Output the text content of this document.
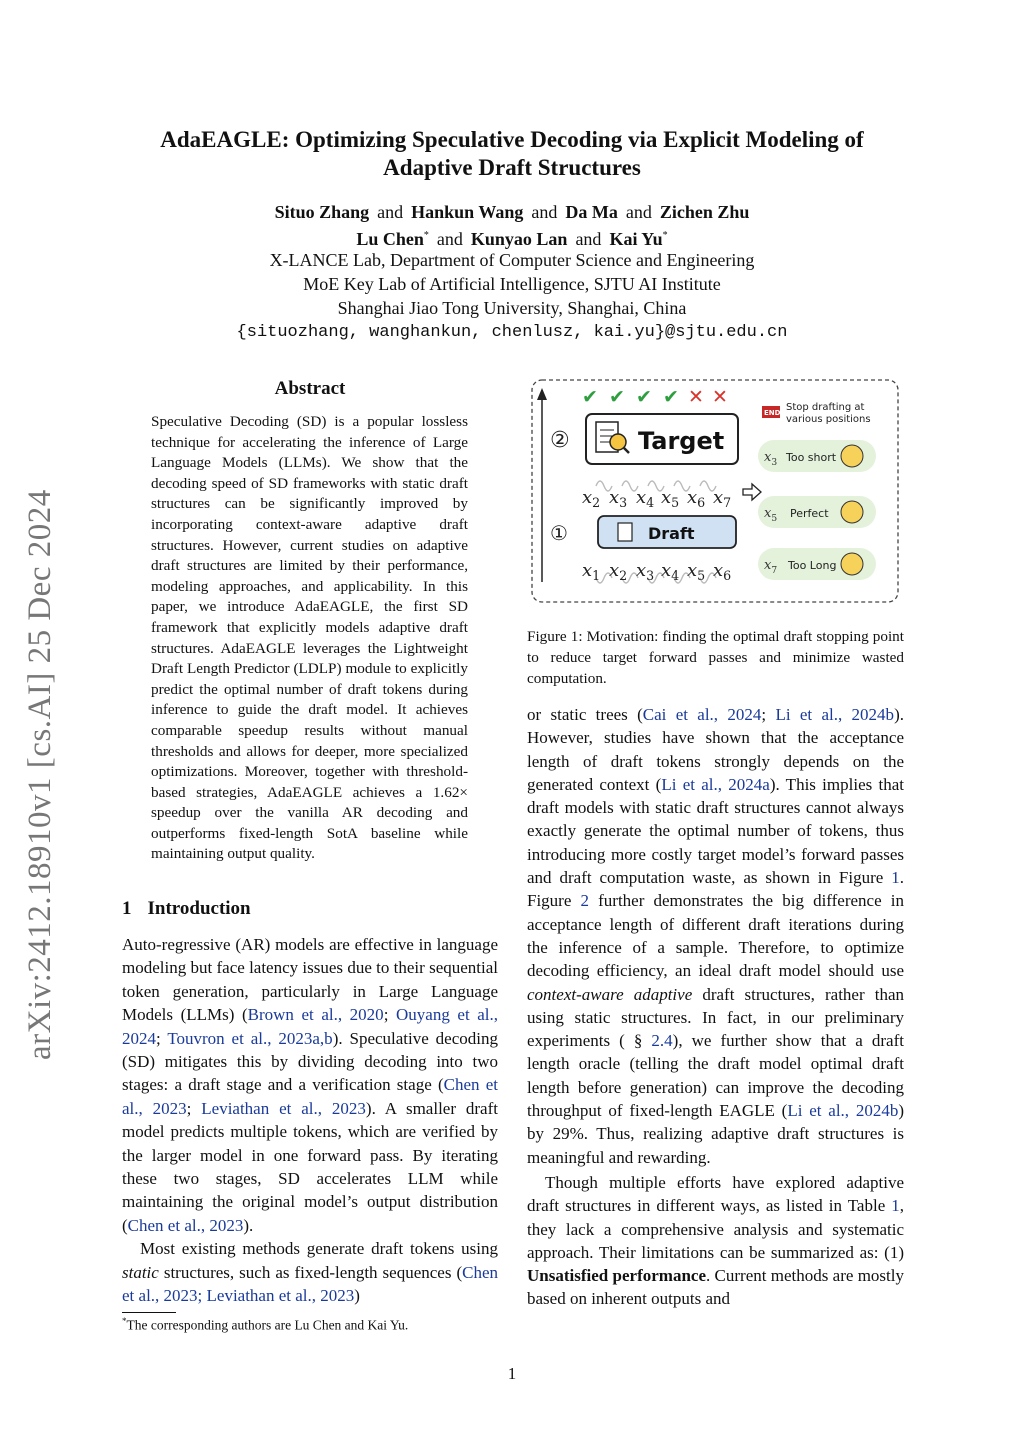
AdaEAGLE: Optimizing Speculative Decoding via Explicit Modeling of
Adaptive Draft Structures
Situo Zhang and Hankun Wang and Da Ma and Zichen Zhu
Lu Chen* and Kunyao Lan and Kai Yu*
X-LANCE Lab, Department of Computer Science and Engineering
MoE Key Lab of Artificial Intelligence, SJTU AI Institute
Shanghai Jiao Tong University, Shanghai, China
{situozhang, wanghankun, chenlusz, kai.yu}@sjtu.edu.cn
arXiv:2412.18910v1 [cs.AI] 25 Dec 2024
Abstract
Speculative Decoding (SD) is a popular lossless technique for accelerating the inference of Large Language Models (LLMs). We show that the decoding speed of SD frameworks with static draft structures can be significantly improved by incorporating context-aware adaptive draft structures. However, current studies on adaptive draft structures are limited by their performance, modeling approaches, and applicability. In this paper, we introduce AdaEAGLE, the first SD framework that explicitly models adaptive draft structures. AdaEAGLE leverages the Lightweight Draft Length Predictor (LDLP) module to explicitly predict the optimal number of draft tokens during inference to guide the draft model. It achieves comparable speedup results without manual thresholds and allows for deeper, more specialized optimizations. Moreover, together with threshold-based strategies, AdaEAGLE achieves a 1.62× speedup over the vanilla AR decoding and outperforms fixed-length SotA baseline while maintaining output quality.
1 Introduction

Auto-regressive (AR) models are effective in language modeling but face latency issues due to their sequential token generation, particularly in Large Language Models (LLMs) (Brown et al., 2020; Ouyang et al., 2024; Touvron et al., 2023a,b). Speculative decoding (SD) mitigates this by dividing decoding into two stages: a draft stage and a verification stage (Chen et al., 2023; Leviathan et al., 2023). A smaller draft model predicts multiple tokens, which are verified by the larger model in one forward pass. By iterating these two stages, SD accelerates LLM while maintaining the original model’s output distribution (Chen et al., 2023).

Most existing methods generate draft tokens using static structures, such as fixed-length sequences (Chen et al., 2023; Leviathan et al., 2023)

*The corresponding authors are Lu Chen and Kai Yu.
✔ ✔ ✔ ✔ ✕ ✕
②	Target
$x_2$ $x_3$ $x_4$ $x_5$ $x_6$ $x_7$
①	Draft
$x_1$ $x_2$ $x_3$ $x_4$ $x_5$ $x_6$
END Stop drafting at
various positions
$x_3$ Too short
$x_5$ Perfect
$x_7$ Too Long
Figure 1: Motivation: finding the optimal draft stopping point to reduce target forward passes and minimize wasted computation.

or static trees (Cai et al., 2024; Li et al., 2024b). However, studies have shown that the acceptance length of draft tokens strongly depends on the generated context (Li et al., 2024a). This implies that draft models with static draft structures cannot always exactly generate the optimal number of tokens, thus introducing more costly target model’s forward passes and draft computation waste, as shown in Figure 1. Figure 2 further demonstrates the big difference in acceptance length of different draft iterations during the inference of a sample. Therefore, to optimize decoding efficiency, an ideal draft model should use context-aware adaptive draft structures, rather than using static structures. In fact, in our preliminary experiments ( § 2.4), we further show that a draft length oracle (telling the draft model optimal draft length before generation) can improve the decoding throughput of fixed-length EAGLE (Li et al., 2024b) by 29%. Thus, realizing adaptive draft structures is meaningful and rewarding.

Though multiple efforts have explored adaptive draft structures in different ways, as listed in Table 1, they lack a comprehensive analysis and systematic approach. Their limitations can be summarized as: (1) Unsatisfied performance. Current methods are mostly based on inherent outputs and

1
